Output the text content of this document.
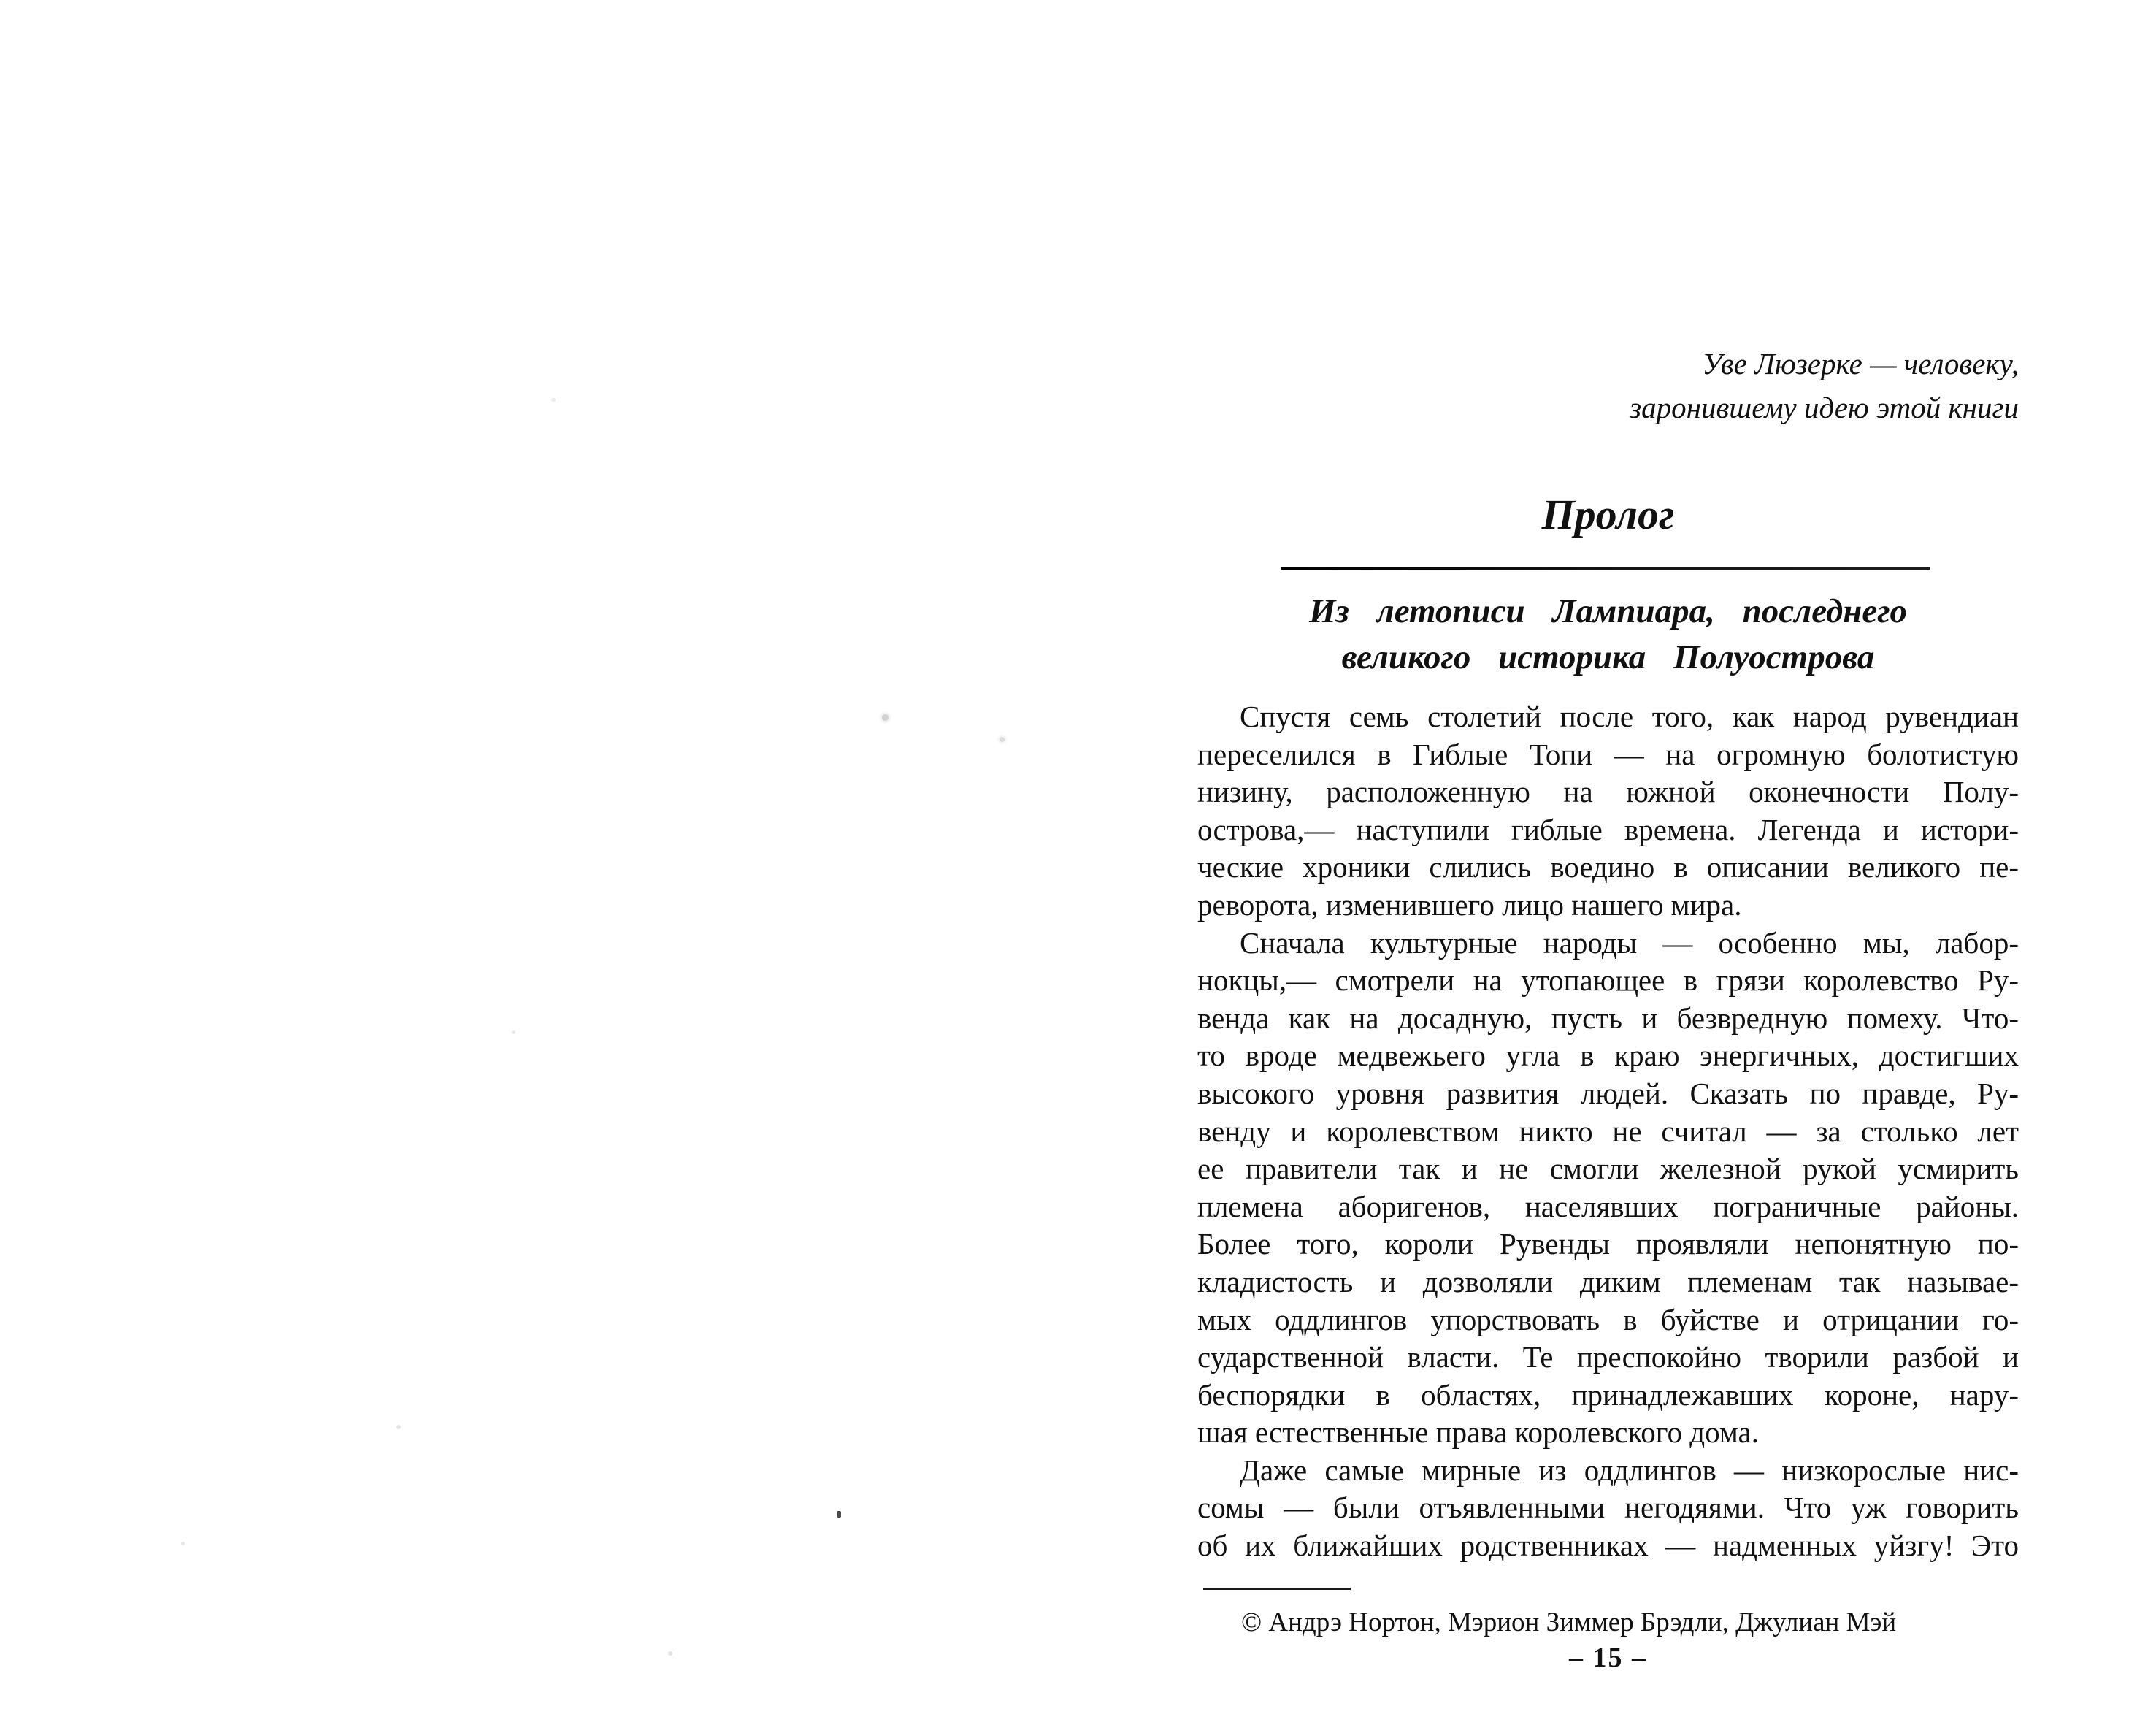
Уве Люзерке — человеку,
заронившему идею этой книги
Пролог
Из летописи Лампиара, последнего
великого историка Полуострова
Спустя семь столетий после того, как народ рувендиан
переселился в Гиблые Топи — на огромную болотистую
низину, расположенную на южной оконечности Полу-
острова,— наступили гиблые времена. Легенда и истори-
ческие хроники слились воедино в описании великого пе-
реворота, изменившего лицо нашего мира.
Сначала культурные народы — особенно мы, лабор-
нокцы,— смотрели на утопающее в грязи королевство Ру-
венда как на досадную, пусть и безвредную помеху. Что-
то вроде медвежьего угла в краю энергичных, достигших
высокого уровня развития людей. Сказать по правде, Ру-
венду и королевством никто не считал — за столько лет
ее правители так и не смогли железной рукой усмирить
племена аборигенов, населявших пограничные районы.
Более того, короли Рувенды проявляли непонятную по-
кладистость и дозволяли диким племенам так называе-
мых оддлингов упорствовать в буйстве и отрицании го-
сударственной власти. Те преспокойно творили разбой и
беспорядки в областях, принадлежавших короне, нару-
шая естественные права королевского дома.
Даже самые мирные из оддлингов — низкорослые нис-
сомы — были отъявленными негодяями. Что уж говорить
об их ближайших родственниках — надменных уйзгу! Это
© Андрэ Нортон, Мэрион Зиммер Брэдли, Джулиан Мэй
– 15 –
